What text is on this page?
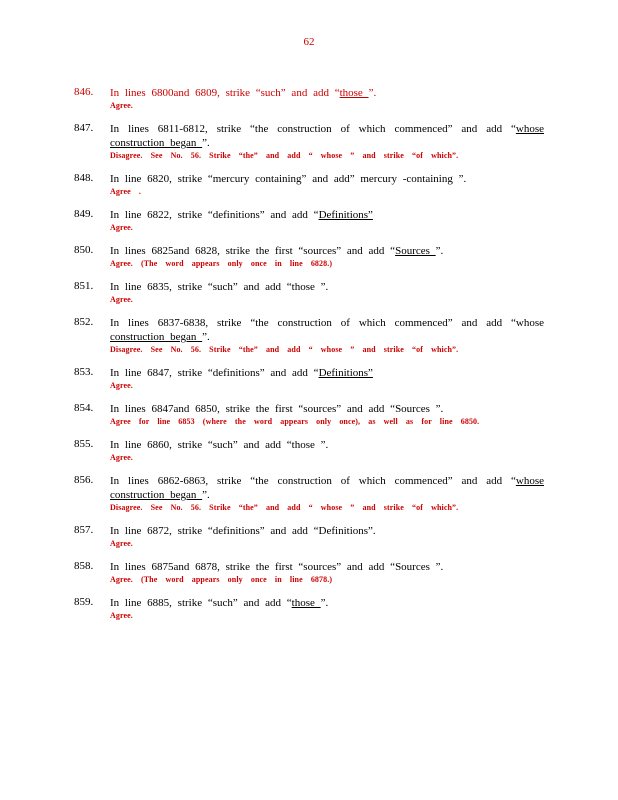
62
846.	In lines 6800and 6809, strike “such” and add “those ”.
Agree.
847.	In lines 6811-6812, strike “the construction of which commenced” and add “whose construction began ”.
Disagree. See No. 56. Strike “the” and add “ whose ” and strike “of which”.
848.	In line 6820, strike “mercury containing” and add” mercury -containing ”.
Agree .
849.	In line 6822, strike “definitions” and add “Definitions”
Agree.
850.	In lines 6825and 6828, strike the first “sources” and add “Sources ”.
Agree. (The word appears only once in line 6828.)
851.	In line 6835, strike “such” and add “those ”.
Agree.
852.	In lines 6837-6838, strike “the construction of which commenced” and add “whose construction began ”.
Disagree. See No. 56. Strike “the” and add “ whose ” and strike “of which”.
853.	In line 6847, strike “definitions” and add “Definitions”
Agree.
854.	In lines 6847and 6850, strike the first “sources” and add “Sources ”.
Agree for line 6853 (where the word appears only once), as well as for line 6850.
855.	In line 6860, strike “such” and add “those ”.
Agree.
856.	In lines 6862-6863, strike “the construction of which commenced” and add “whose construction began ”.
Disagree. See No. 56. Strike “the” and add “ whose ” and strike “of which”.
857.	In line 6872, strike “definitions” and add “Definitions”.
Agree.
858.	In lines 6875and 6878, strike the first “sources” and add “Sources ”.
Agree. (The word appears only once in line 6878.)
859.	In line 6885, strike “such” and add “those ”.
Agree.
